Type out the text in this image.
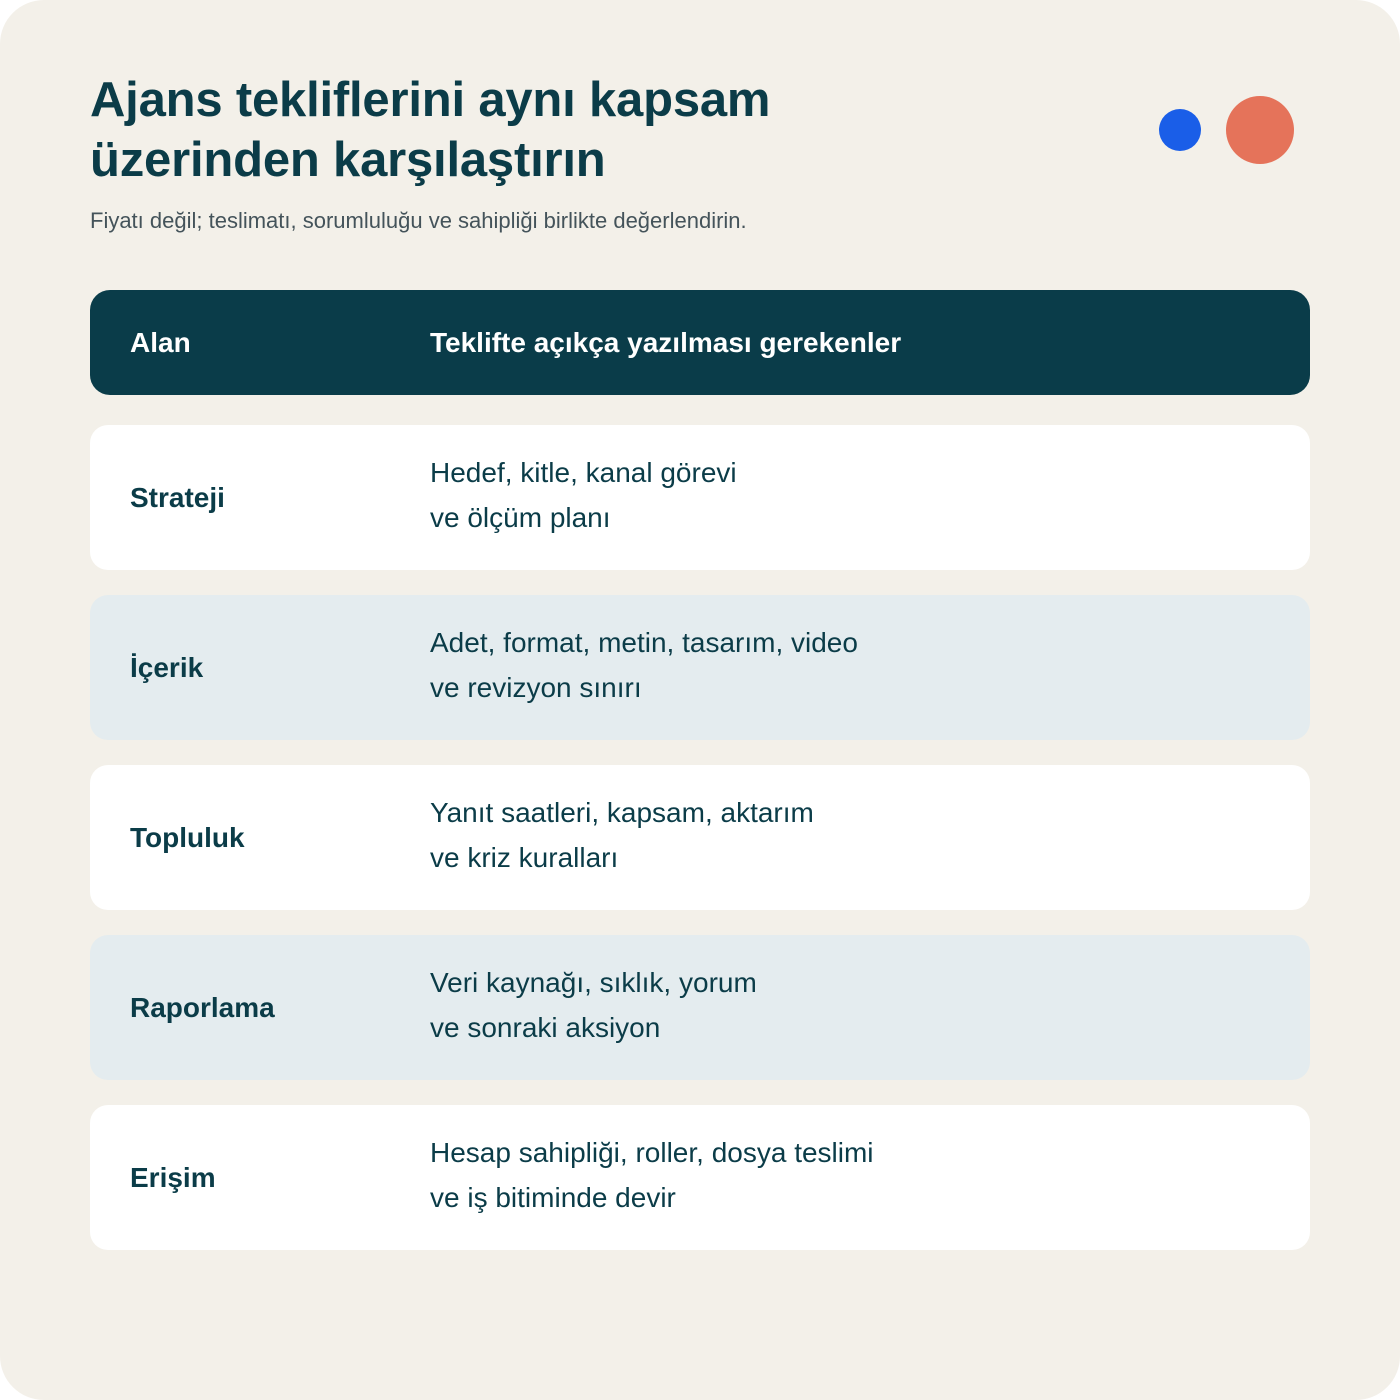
Ajans tekliflerini aynı kapsam
üzerinden karşılaştırın

Fiyatı değil; teslimatı, sorumluluğu ve sahipliği birlikte değerlendirin.

Alan	Teklifte açıkça yazılması gerekenler
Strateji
Hedef, kitle, kanal görevi
ve ölçüm planı
İçerik
Adet, format, metin, tasarım, video
ve revizyon sınırı
Topluluk
Yanıt saatleri, kapsam, aktarım
ve kriz kuralları
Raporlama
Veri kaynağı, sıklık, yorum
ve sonraki aksiyon
Erişim
Hesap sahipliği, roller, dosya teslimi
ve iş bitiminde devir
